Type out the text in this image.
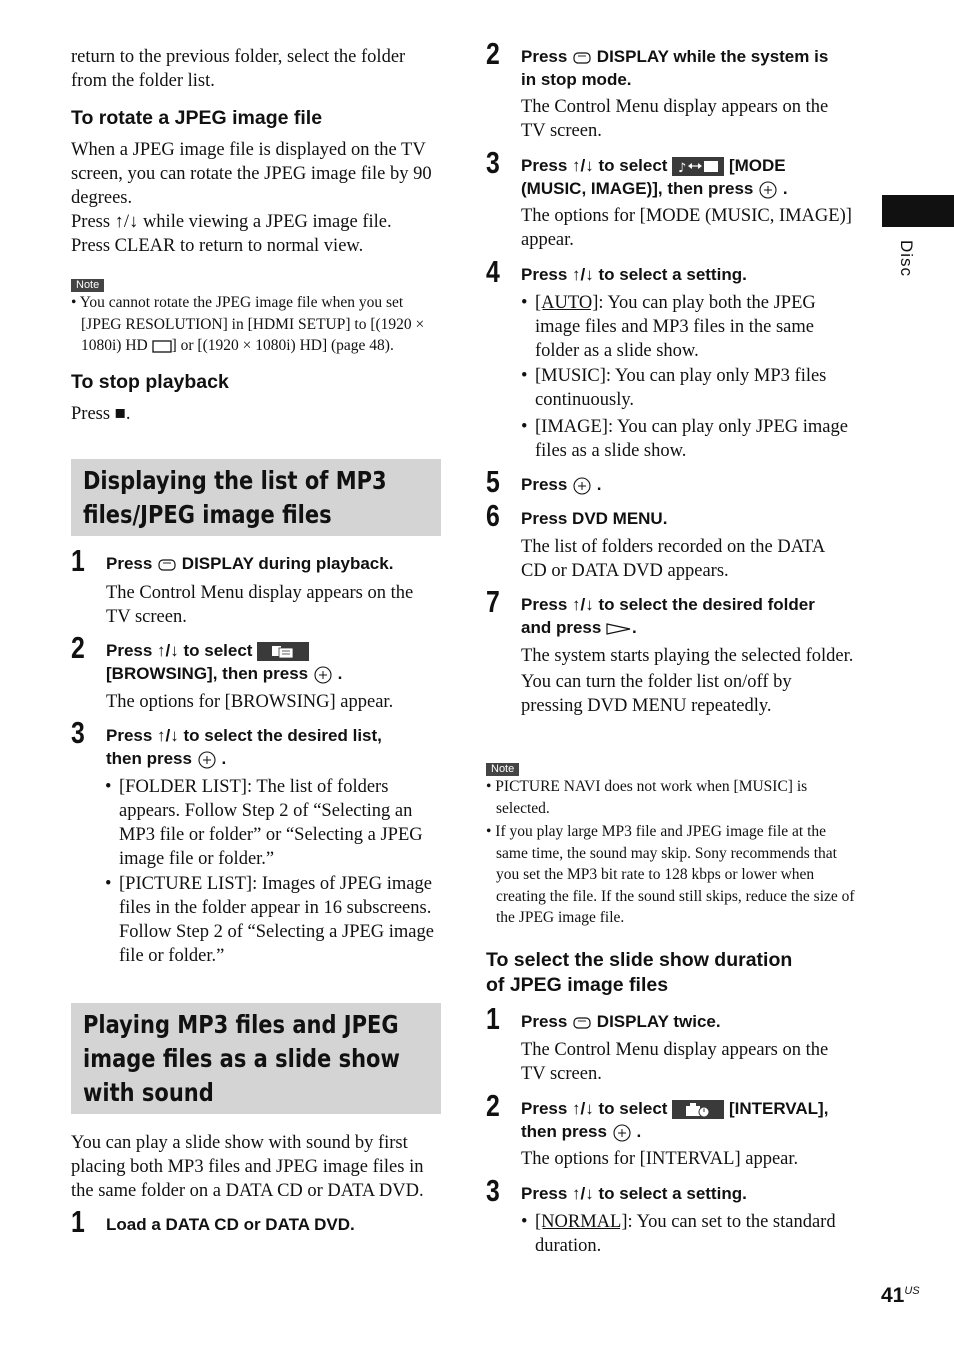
return to the previous folder, select the folder from the folder list.
To rotate a JPEG image file
When a JPEG image file is displayed on the TV screen, you can rotate the JPEG image file by 90 degrees.
Press ↑/↓ while viewing a JPEG image file.
Press CLEAR to return to normal view.
Note

• You cannot rotate the JPEG image file when you set [JPEG RESOLUTION] in [HDMI SETUP] to [(1920 × 1080i) HD ] or [(1920 × 1080i) HD] (page 48).

To stop playback
Press ■.
Displaying the list of MP3
files/JPEG image files
1 Press DISPLAY during playback.
The Control Menu display appears on the TV screen.
2 Press ↑/↓ to select
[BROWSING], then press  .
The options for [BROWSING] appear.
3 Press ↑/↓ to select the desired list,
then press  .
• [FOLDER LIST]: The list of folders appears. Follow Step 2 of “Selecting an MP3 file or folder” or “Selecting a JPEG image file or folder.”
• [PICTURE LIST]: Images of JPEG image files in the folder appear in 16 subscreens. Follow Step 2 of “Selecting a JPEG image file or folder.”
Playing MP3 files and JPEG
image files as a slide show
with sound
You can play a slide show with sound by first placing both MP3 files and JPEG image files in the same folder on a DATA CD or DATA DVD.
1 Load a DATA CD or DATA DVD.
2 Press DISPLAY while the system is
in stop mode.
The Control Menu display appears on the TV screen.
3 Press ↑/↓ to select ♪ [MODE
(MUSIC, IMAGE)], then press  .
The options for [MODE (MUSIC, IMAGE)] appear.
4 Press ↑/↓ to select a setting.
• [AUTO]: You can play both the JPEG image files and MP3 files in the same folder as a slide show.
• [MUSIC]: You can play only MP3 files continuously.
• [IMAGE]: You can play only JPEG image files as a slide show.
5 Press  .
6 Press DVD MENU.
The list of folders recorded on the DATA CD or DATA DVD appears.
7 Press ↑/↓ to select the desired folder
and press .
The system starts playing the selected folder.
You can turn the folder list on/off by pressing DVD MENU repeatedly.
Note

• PICTURE NAVI does not work when [MUSIC] is selected.

• If you play large MP3 file and JPEG image file at the same time, the sound may skip. Sony recommends that you set the MP3 bit rate to 128 kbps or lower when creating the file. If the sound still skips, reduce the size of the JPEG image file.

To select the slide show duration
of JPEG image files
1 Press DISPLAY twice.
The Control Menu display appears on the TV screen.
2 Press ↑/↓ to select	[INTERVAL],
then press  .
The options for [INTERVAL] appear.
3 Press ↑/↓ to select a setting.
• [NORMAL]: You can set to the standard duration.
Disc
$41^{US}$
